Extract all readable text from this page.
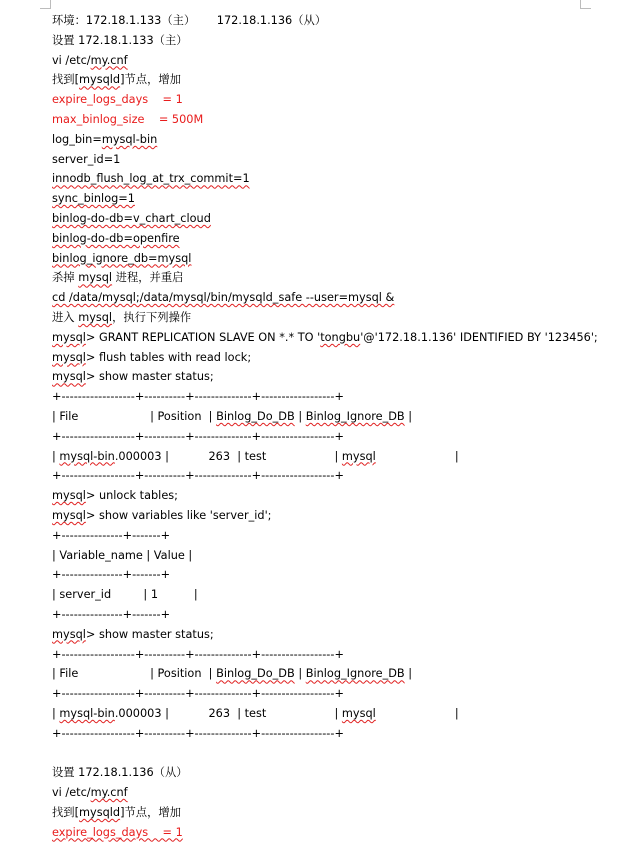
环境：172.18.1.133（主）      172.18.1.136（从）
设置 172.18.1.133（主）
vi /etc/my.cnf
找到[mysqld]节点，增加
expire_logs_days    = 1
max_binlog_size    = 500M
log_bin=mysql-bin
server_id=1
innodb_flush_log_at_trx_commit=1
sync_binlog=1
binlog-do-db=v_chart_cloud
binlog-do-db=openfire
binlog_ignore_db=mysql
杀掉 mysql 进程，并重启
cd /data/mysql;/data/mysql/bin/mysqld_safe --user=mysql &
进入 mysql，执行下列操作
mysql> GRANT REPLICATION SLAVE ON *.* TO 'tongbu'@'172.18.1.136' IDENTIFIED BY '123456';
mysql> flush tables with read lock;
mysql> show master status;
+------------------+----------+--------------+------------------+
| File                    | Position  | Binlog_Do_DB | Binlog_Ignore_DB |
+------------------+----------+--------------+------------------+
| mysql-bin.000003 |           263  | test                   | mysql                      |
+------------------+----------+--------------+------------------+
mysql> unlock tables;
mysql> show variables like 'server_id';
+---------------+-------+
| Variable_name | Value |
+---------------+-------+
| server_id         | 1          |
+---------------+-------+
mysql> show master status;
+------------------+----------+--------------+------------------+
| File                    | Position  | Binlog_Do_DB | Binlog_Ignore_DB |
+------------------+----------+--------------+------------------+
| mysql-bin.000003 |           263  | test                   | mysql                      |
+------------------+----------+--------------+------------------+
设置 172.18.1.136（从）
vi /etc/my.cnf
找到[mysqld]节点，增加
expire_logs_days    = 1
